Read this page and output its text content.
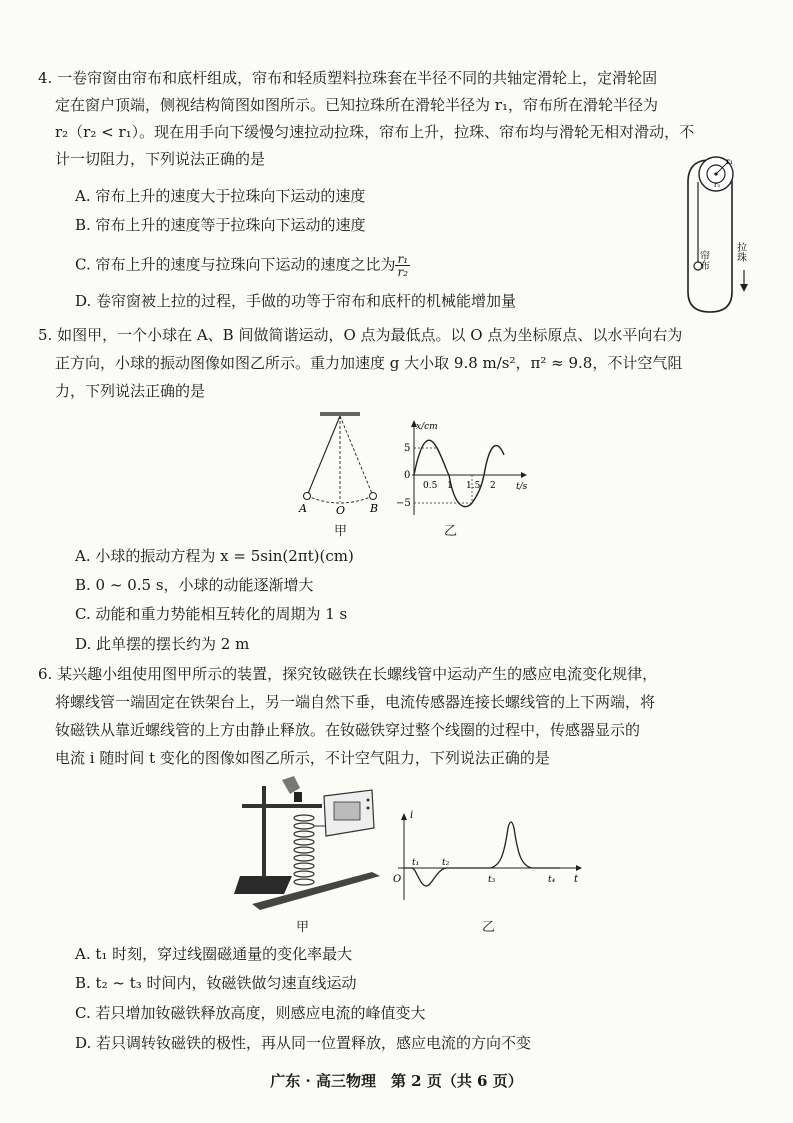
4. 一卷帘窗由帘布和底杆组成，帘布和轻质塑料拉珠套在半径不同的共轴定滑轮上，定滑轮固
定在窗户顶端，侧视结构简图如图所示。已知拉珠所在滑轮半径为 r₁，帘布所在滑轮半径为
r₂（r₂ < r₁）。现在用手向下缓慢匀速拉动拉珠，帘布上升，拉珠、帘布均与滑轮无相对滑动，不
计一切阻力，下列说法正确的是
A. 帘布上升的速度大于拉珠向下运动的速度
B. 帘布上升的速度等于拉珠向下运动的速度
C. 帘布上升的速度与拉珠向下运动的速度之比为 $\frac{\text{r₁}}{\text{r₂}}$
D. 卷帘窗被上拉的过程，手做的功等于帘布和底杆的机械能增加量
r₁
r₂
帘布	拉珠
5. 如图甲，一个小球在 A、B 间做简谐运动，O 点为最低点。以 O 点为坐标原点、以水平向右为
正方向，小球的振动图像如图乙所示。重力加速度 g 大小取 9.8 m/s²，π² ≈ 9.8，不计空气阻
力，下列说法正确的是
A	O B
甲
x/cm
t/s
5
0
−5
0.5 1 1.5 2
乙
A. 小球的振动方程为 x = 5sin(2πt)(cm)
B. 0 ~ 0.5 s，小球的动能逐渐增大
C. 动能和重力势能相互转化的周期为 1 s
D. 此单摆的摆长约为 2 m
6. 某兴趣小组使用图甲所示的装置，探究钕磁铁在长螺线管中运动产生的感应电流变化规律，
将螺线管一端固定在铁架台上，另一端自然下垂，电流传感器连接长螺线管的上下两端，将
钕磁铁从靠近螺线管的上方由静止释放。在钕磁铁穿过整个线圈的过程中，传感器显示的
电流 i 随时间 t 变化的图像如图乙所示，不计空气阻力，下列说法正确的是
甲
i
t
O
t₁	t₂
t₃	t₄
乙
A. t₁ 时刻，穿过线圈磁通量的变化率最大
B. t₂ ~ t₃ 时间内，钕磁铁做匀速直线运动
C. 若只增加钕磁铁释放高度，则感应电流的峰值变大
D. 若只调转钕磁铁的极性，再从同一位置释放，感应电流的方向不变
广东 · 高三物理　第 2 页（共 6 页）
